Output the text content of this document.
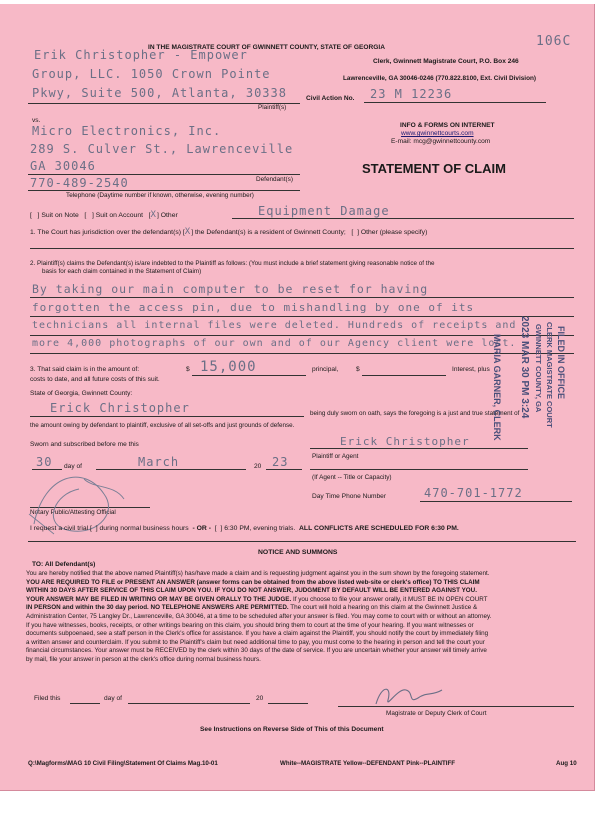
IN THE MAGISTRATE COURT OF GWINNETT COUNTY, STATE OF GEORGIA	106C
Clerk, Gwinnett Magistrate Court, P.O. Box 246
Lawrenceville, GA 30046-0246 (770.822.8100, Ext. Civil Division)
Erik Christopher - Empower
Group, LLC. 1050 Crown Pointe
Pkwy, Suite 500, Atlanta, 30338
Plaintiff(s)
Civil Action No. 23 M 12236
vs.
Micro Electronics, Inc.
289 S. Culver St., Lawrenceville
GA 30046
770-489-2540	Defendant(s)
Telephone (Daytime number if known, otherwise, evening number)
INFO & FORMS ON INTERNET
www.gwinnettcourts.com
E-mail: mcg@gwinnettcounty.com
STATEMENT OF CLAIM
[   ] Suit on Note   [   ] Suit on Account   [X] Other	Equipment Damage
1. The Court has jurisdiction over the defendant(s) [X] the Defendant(s) is a resident of Gwinnett County;   [  ] Other (please specify)
2. Plaintiff(s) claims the Defendant(s) is/are indebted to the Plaintiff as follows: (You must include a brief statement giving reasonable notice of the
basis for each claim contained in the Statement of Claim)
By taking our main computer to be reset for having
forgotten the access pin, due to mishandling by one of its
technicians all internal files were deleted. Hundreds of receipts and
more 4,000 photographs of our own and of our Agency client were lost.
3. That said claim is in the amount of:	$ 15,000	principal,	$	Interest, plus
costs to date, and all future costs of this suit.
State of Georgia, Gwinnett County:
Erick Christopher	being duly sworn on oath, says the foregoing is a just and true statement of
the amount owing by defendant to plaintiff, exclusive of all set-offs and just grounds of defense.
Sworn and subscribed before me this	Erick Christopher
Plaintiff or Agent
30 day of	March	20 23
(If Agent -- Title or Capacity)
Day Time Phone Number	470-701-1772
Notary Public/Attesting Official
I request a civil trial [  ] during normal business hours - OR -  [  ] 6:30 PM, evening trials. ALL CONFLICTS ARE SCHEDULED FOR 6:30 PM.
NOTICE AND SUMMONS
TO: All Defendant(s)
You are hereby notified that the above named Plaintiff(s) has/have made a claim and is requesting judgment against you in the sum shown by the foregoing statement.
YOU ARE REQUIRED TO FILE or PRESENT AN ANSWER (answer forms can be obtained from the above listed web-site or clerk's office) TO THIS CLAIM
WITHIN 30 DAYS AFTER SERVICE OF THIS CLAIM UPON YOU. IF YOU DO NOT ANSWER, JUDGMENT BY DEFAULT WILL BE ENTERED AGAINST YOU.
YOUR ANSWER MAY BE FILED IN WRITING OR MAY BE GIVEN ORALLY TO THE JUDGE. If you choose to file your answer orally, it MUST BE IN OPEN COURT
IN PERSON and within the 30 day period. NO TELEPHONE ANSWERS ARE PERMITTED. The court will hold a hearing on this claim at the Gwinnett Justice &
Administration Center, 75 Langley Dr., Lawrenceville, GA 30046, at a time to be scheduled after your answer is filed. You may come to court with or without an attorney.
If you have witnesses, books, receipts, or other writings bearing on this claim, you should bring them to court at the time of your hearing. If you want witnesses or
documents subpoenaed, see a staff person in the Clerk's office for assistance. If you have a claim against the Plaintiff, you should notify the court by immediately filing
a written answer and counterclaim. If you submit to the Plaintiff's claim but need additional time to pay, you must come to the hearing in person and tell the court your
financial circumstances. Your answer must be RECEIVED by the clerk within 30 days of the date of service. If you are uncertain whether your answer will timely arrive
by mail, file your answer in person at the clerk's office during normal business hours.
Filed this	day of	20
Magistrate or Deputy Clerk of Court
See Instructions on Reverse Side of This of this Document
Q:\Magforms\MAG 10 Civil Filing\Statement Of Claims Mag.10-01	White--MAGISTRATE Yellow--DEFENDANT Pink--PLAINTIFF	Aug 10
FILED IN OFFICE
CLERK MAGISTRATE COURT
GWINNETT COUNTY, GA
2023 MAR 30 PM 3:24
MARIA GARNER, CLERK
